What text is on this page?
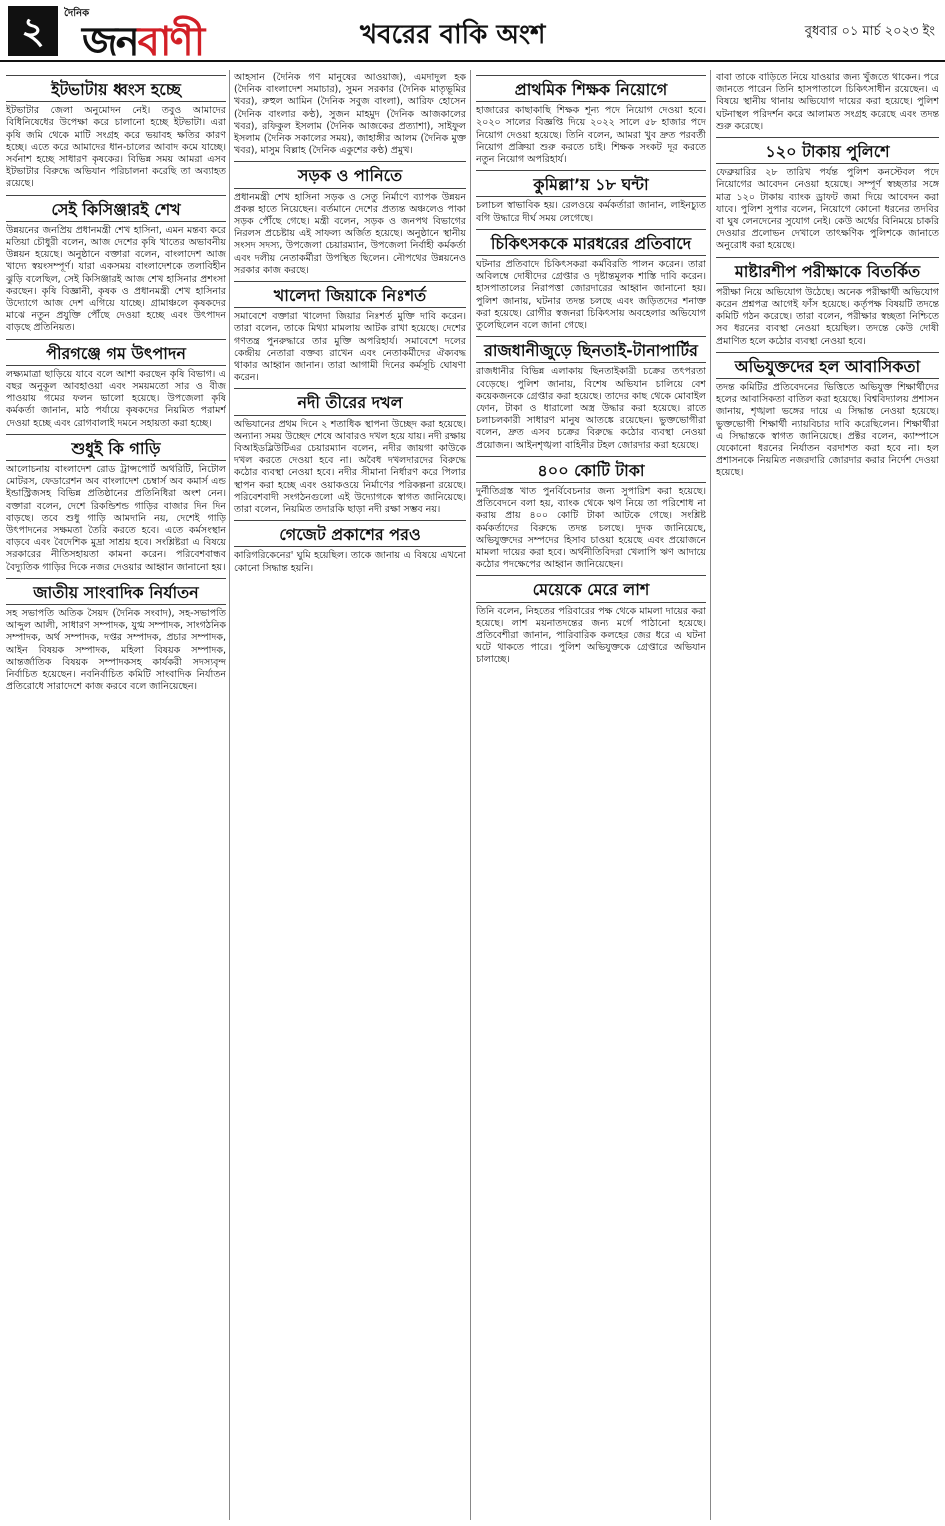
২	দৈনিক
জনবাণী	খবরের বাকি অংশ	বুধবার ০১ মার্চ ২০২৩ ইং
ইটভাটায় ধ্বংস হচ্ছে
ইটভাটার জেলা অনুমোদন নেই। তবুও আমাদের বিধিনিষেধের উপেক্ষা করে চালানো হচ্ছে ইটভাটা। এরা কৃষি জমি থেকে মাটি সংগ্রহ করে ভয়াবহ ক্ষতির কারণ হচ্ছে। এতে করে আমাদের ধান-চালের আবাদ কমে যাচ্ছে। সর্বনাশ হচ্ছে সাধারণ কৃষকের। বিভিন্ন সময় আমরা এসব ইটভাটার বিরুদ্ধে অভিযান পরিচালনা করেছি তা অব্যাহত রয়েছে।
সেই কিসিঞ্জারই শেখ
উন্নয়নের জনপ্রিয় প্রধানমন্ত্রী শেখ হাসিনা, এমন মন্তব্য করে মতিয়া চৌধুরী বলেন, আজ দেশের কৃষি খাতের অভাবনীয় উন্নয়ন হয়েছে। অনুষ্ঠানে বক্তারা বলেন, বাংলাদেশ আজ খাদ্যে স্বয়ংসম্পূর্ণ। যারা একসময় বাংলাদেশকে তলাবিহীন ঝুড়ি বলেছিল, সেই কিসিঞ্জারই আজ শেখ হাসিনার প্রশংসা করছেন। কৃষি বিজ্ঞানী, কৃষক ও প্রধানমন্ত্রী শেখ হাসিনার উদ্যোগে আজ দেশ এগিয়ে যাচ্ছে। গ্রামাঞ্চলে কৃষকদের মাঝে নতুন প্রযুক্তি পৌঁছে দেওয়া হচ্ছে এবং উৎপাদন বাড়ছে প্রতিনিয়ত।
পীরগঞ্জে গম উৎপাদন
লক্ষ্যমাত্রা ছাড়িয়ে যাবে বলে আশা করছেন কৃষি বিভাগ। এ বছর অনুকূল আবহাওয়া এবং সময়মতো সার ও বীজ পাওয়ায় গমের ফলন ভালো হয়েছে। উপজেলা কৃষি কর্মকর্তা জানান, মাঠ পর্যায়ে কৃষকদের নিয়মিত পরামর্শ দেওয়া হচ্ছে এবং রোগবালাই দমনে সহায়তা করা হচ্ছে।
শুধুই কি গাড়ি
আলোচনায় বাংলাদেশ রোড ট্রান্সপোর্ট অথরিটি, নিটোল মোটরস, ফেডারেশন অব বাংলাদেশ চেম্বার্স অব কমার্স এন্ড ইন্ডাস্ট্রিজসহ বিভিন্ন প্রতিষ্ঠানের প্রতিনিধিরা অংশ নেন। বক্তারা বলেন, দেশে রিকন্ডিশন্ড গাড়ির বাজার দিন দিন বাড়ছে। তবে শুধু গাড়ি আমদানি নয়, দেশেই গাড়ি উৎপাদনের সক্ষমতা তৈরি করতে হবে। এতে কর্মসংস্থান বাড়বে এবং বৈদেশিক মুদ্রা সাশ্রয় হবে। সংশ্লিষ্টরা এ বিষয়ে সরকারের নীতিসহায়তা কামনা করেন। পরিবেশবান্ধব বৈদ্যুতিক গাড়ির দিকে নজর দেওয়ার আহ্বান জানানো হয়।
জাতীয় সাংবাদিক নির্যাতন
সহ সভাপতি অতিক সৈয়দ (দৈনিক সংবাদ), সহ-সভাপতি আব্দুল আলী, সাধারণ সম্পাদক, যুগ্ম সম্পাদক, সাংগঠনিক সম্পাদক, অর্থ সম্পাদক, দপ্তর সম্পাদক, প্রচার সম্পাদক, আইন বিষয়ক সম্পাদক, মহিলা বিষয়ক সম্পাদক, আন্তর্জাতিক বিষয়ক সম্পাদকসহ কার্যকরী সদস্যবৃন্দ নির্বাচিত হয়েছেন। নবনির্বাচিত কমিটি সাংবাদিক নির্যাতন প্রতিরোধে সারাদেশে কাজ করবে বলে জানিয়েছেন।
আহসান (দৈনিক গণ মানুষের আওয়াজ), এমদাদুল হক (দৈনিক বাংলাদেশ সমাচার), সুমন সরকার (দৈনিক মাতৃভূমির খবর), রুহুল আমিন (দৈনিক সবুজ বাংলা), আরিফ হোসেন (দৈনিক বাংলার কণ্ঠ), সুজন মাহমুদ (দৈনিক আজকালের খবর), রফিকুল ইসলাম (দৈনিক আজকের প্রত্যাশা), সাইফুল ইসলাম (দৈনিক সকালের সময়), জাহাঙ্গীর আলম (দৈনিক মুক্ত খবর), মাসুম বিল্লাহ (দৈনিক একুশের কণ্ঠ) প্রমুখ।
সড়ক ও পানিতে
প্রধানমন্ত্রী শেখ হাসিনা সড়ক ও সেতু নির্মাণে ব্যাপক উন্নয়ন প্রকল্প হাতে নিয়েছেন। বর্তমানে দেশের প্রত্যন্ত অঞ্চলেও পাকা সড়ক পৌঁছে গেছে। মন্ত্রী বলেন, সড়ক ও জনপথ বিভাগের নিরলস প্রচেষ্টায় এই সাফল্য অর্জিত হয়েছে। অনুষ্ঠানে স্থানীয় সংসদ সদস্য, উপজেলা চেয়ারম্যান, উপজেলা নির্বাহী কর্মকর্তা এবং দলীয় নেতাকর্মীরা উপস্থিত ছিলেন। নৌপথের উন্নয়নেও সরকার কাজ করছে।
খালেদা জিয়াকে নিঃশর্ত
সমাবেশে বক্তারা খালেদা জিয়ার নিঃশর্ত মুক্তি দাবি করেন। তারা বলেন, তাকে মিথ্যা মামলায় আটক রাখা হয়েছে। দেশের গণতন্ত্র পুনরুদ্ধারে তার মুক্তি অপরিহার্য। সমাবেশে দলের কেন্দ্রীয় নেতারা বক্তব্য রাখেন এবং নেতাকর্মীদের ঐক্যবদ্ধ থাকার আহ্বান জানান। তারা আগামী দিনের কর্মসূচি ঘোষণা করেন।
নদী তীরের দখল
অভিযানের প্রথম দিনে ২ শতাধিক স্থাপনা উচ্ছেদ করা হয়েছে। অন্যান্য সময় উচ্ছেদ শেষে আবারও দখল হয়ে যায়। নদী রক্ষায় বিআইডব্লিউটিএর চেয়ারম্যান বলেন, নদীর জায়গা কাউকে দখল করতে দেওয়া হবে না। অবৈধ দখলদারদের বিরুদ্ধে কঠোর ব্যবস্থা নেওয়া হবে। নদীর সীমানা নির্ধারণ করে পিলার স্থাপন করা হচ্ছে এবং ওয়াকওয়ে নির্মাণের পরিকল্পনা রয়েছে। পরিবেশবাদী সংগঠনগুলো এই উদ্যোগকে স্বাগত জানিয়েছে। তারা বলেন, নিয়মিত তদারকি ছাড়া নদী রক্ষা সম্ভব নয়।
গেজেট প্রকাশের পরও
কারিগরিকেনের' ঘুমি হয়েছিল। তাকে জানায় এ বিষয়ে এখনো কোনো সিদ্ধান্ত হয়নি।
প্রাথমিক শিক্ষক নিয়োগে
হাজারের কাছাকাছি শিক্ষক শূন্য পদে নিয়োগ দেওয়া হবে। ২০২০ সালের বিজ্ঞপ্তি দিয়ে ২০২২ সালে ৫৮ হাজার পদে নিয়োগ দেওয়া হয়েছে। তিনি বলেন, আমরা খুব দ্রুত পরবর্তী নিয়োগ প্রক্রিয়া শুরু করতে চাই। শিক্ষক সংকট দূর করতে নতুন নিয়োগ অপরিহার্য।
কুমিল্লা’য় ১৮ ঘন্টা
চলাচল স্বাভাবিক হয়। রেলওয়ে কর্মকর্তারা জানান, লাইনচ্যুত বগি উদ্ধারে দীর্ঘ সময় লেগেছে।
চিকিৎসককে মারধরের প্রতিবাদে
ঘটনার প্রতিবাদে চিকিৎসকরা কর্মবিরতি পালন করেন। তারা অবিলম্বে দোষীদের গ্রেপ্তার ও দৃষ্টান্তমূলক শাস্তি দাবি করেন। হাসপাতালের নিরাপত্তা জোরদারের আহ্বান জানানো হয়। পুলিশ জানায়, ঘটনার তদন্ত চলছে এবং জড়িতদের শনাক্ত করা হয়েছে। রোগীর স্বজনরা চিকিৎসায় অবহেলার অভিযোগ তুলেছিলেন বলে জানা গেছে।
রাজধানীজুড়ে ছিনতাই-টানাপার্টির
রাজধানীর বিভিন্ন এলাকায় ছিনতাইকারী চক্রের তৎপরতা বেড়েছে। পুলিশ জানায়, বিশেষ অভিযান চালিয়ে বেশ কয়েকজনকে গ্রেপ্তার করা হয়েছে। তাদের কাছ থেকে মোবাইল ফোন, টাকা ও ধারালো অস্ত্র উদ্ধার করা হয়েছে। রাতে চলাচলকারী সাধারণ মানুষ আতঙ্কে রয়েছেন। ভুক্তভোগীরা বলেন, দ্রুত এসব চক্রের বিরুদ্ধে কঠোর ব্যবস্থা নেওয়া প্রয়োজন। আইনশৃঙ্খলা বাহিনীর টহল জোরদার করা হয়েছে।
৪০০ কোটি টাকা
দুর্নীতিগ্রস্ত খাত পুনর্বিবেচনার জন্য সুপারিশ করা হয়েছে। প্রতিবেদনে বলা হয়, ব্যাংক থেকে ঋণ নিয়ে তা পরিশোধ না করায় প্রায় ৪০০ কোটি টাকা আটকে গেছে। সংশ্লিষ্ট কর্মকর্তাদের বিরুদ্ধে তদন্ত চলছে। দুদক জানিয়েছে, অভিযুক্তদের সম্পদের হিসাব চাওয়া হয়েছে এবং প্রয়োজনে মামলা দায়ের করা হবে। অর্থনীতিবিদরা খেলাপি ঋণ আদায়ে কঠোর পদক্ষেপের আহ্বান জানিয়েছেন।
মেয়েকে মেরে লাশ
তিনি বলেন, নিহতের পরিবারের পক্ষ থেকে মামলা দায়ের করা হয়েছে। লাশ ময়নাতদন্তের জন্য মর্গে পাঠানো হয়েছে। প্রতিবেশীরা জানান, পারিবারিক কলহের জের ধরে এ ঘটনা ঘটে থাকতে পারে। পুলিশ অভিযুক্তকে গ্রেপ্তারে অভিযান চালাচ্ছে।
বাবা তাকে বাড়িতে নিয়ে যাওয়ার জন্য খুঁজতে থাকেন। পরে জানতে পারেন তিনি হাসপাতালে চিকিৎসাধীন রয়েছেন। এ বিষয়ে স্থানীয় থানায় অভিযোগ দায়ের করা হয়েছে। পুলিশ ঘটনাস্থল পরিদর্শন করে আলামত সংগ্রহ করেছে এবং তদন্ত শুরু করেছে।
১২০ টাকায় পুলিশে
ফেব্রুয়ারির ২৮ তারিখ পর্যন্ত পুলিশ কনস্টেবল পদে নিয়োগের আবেদন নেওয়া হয়েছে। সম্পূর্ণ স্বচ্ছতার সঙ্গে মাত্র ১২০ টাকায় ব্যাংক ড্রাফট জমা দিয়ে আবেদন করা যাবে। পুলিশ সুপার বলেন, নিয়োগে কোনো ধরনের তদবির বা ঘুষ লেনদেনের সুযোগ নেই। কেউ অর্থের বিনিময়ে চাকরি দেওয়ার প্রলোভন দেখালে তাৎক্ষণিক পুলিশকে জানাতে অনুরোধ করা হয়েছে।
মাষ্টারশীপ পরীক্ষাকে বিতর্কিত
পরীক্ষা নিয়ে অভিযোগ উঠেছে। অনেক পরীক্ষার্থী অভিযোগ করেন প্রশ্নপত্র আগেই ফাঁস হয়েছে। কর্তৃপক্ষ বিষয়টি তদন্তে কমিটি গঠন করেছে। তারা বলেন, পরীক্ষার স্বচ্ছতা নিশ্চিতে সব ধরনের ব্যবস্থা নেওয়া হয়েছিল। তদন্তে কেউ দোষী প্রমাণিত হলে কঠোর ব্যবস্থা নেওয়া হবে।
অভিযুক্তদের হল আবাসিকতা
তদন্ত কমিটির প্রতিবেদনের ভিত্তিতে অভিযুক্ত শিক্ষার্থীদের হলের আবাসিকতা বাতিল করা হয়েছে। বিশ্ববিদ্যালয় প্রশাসন জানায়, শৃঙ্খলা ভঙ্গের দায়ে এ সিদ্ধান্ত নেওয়া হয়েছে। ভুক্তভোগী শিক্ষার্থী ন্যায়বিচার দাবি করেছিলেন। শিক্ষার্থীরা এ সিদ্ধান্তকে স্বাগত জানিয়েছে। প্রক্টর বলেন, ক্যাম্পাসে যেকোনো ধরনের নির্যাতন বরদাশত করা হবে না। হল প্রশাসনকে নিয়মিত নজরদারি জোরদার করার নির্দেশ দেওয়া হয়েছে।
